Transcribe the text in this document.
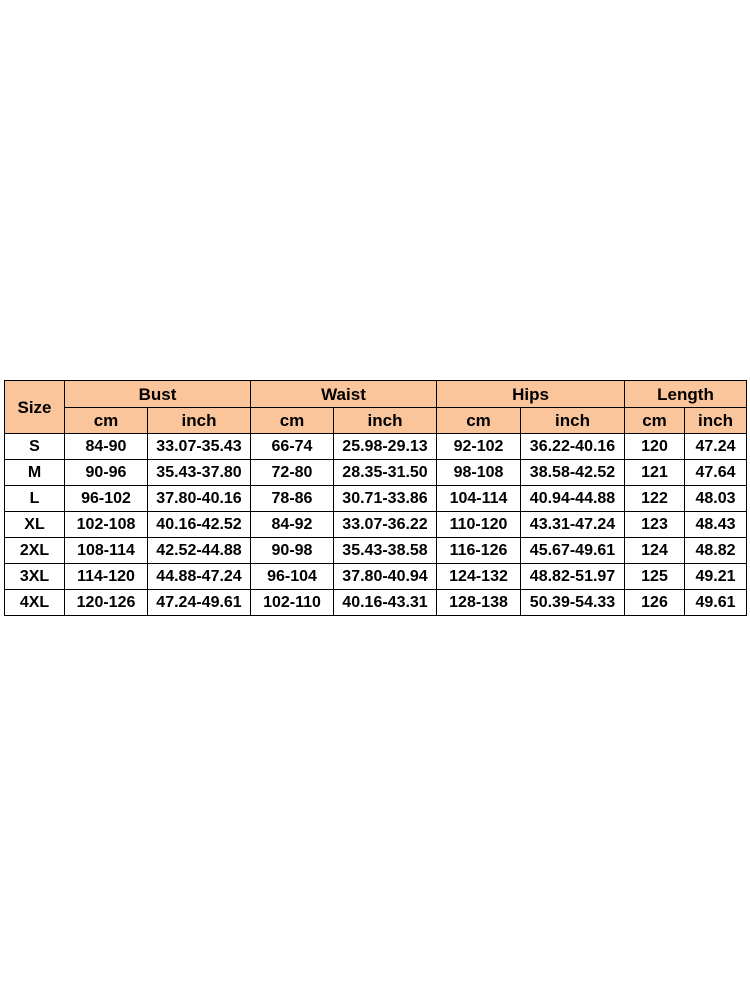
Size	Bust		Waist		Hips		Length	
	cm	inch	cm	inch	cm	inch	cm	inch
S	84-90	33.07-35.43	66-74	25.98-29.13	92-102	36.22-40.16	120	47.24
M	90-96	35.43-37.80	72-80	28.35-31.50	98-108	38.58-42.52	121	47.64
L	96-102	37.80-40.16	78-86	30.71-33.86	104-114	40.94-44.88	122	48.03
XL	102-108	40.16-42.52	84-92	33.07-36.22	110-120	43.31-47.24	123	48.43
2XL	108-114	42.52-44.88	90-98	35.43-38.58	116-126	45.67-49.61	124	48.82
3XL	114-120	44.88-47.24	96-104	37.80-40.94	124-132	48.82-51.97	125	49.21
4XL	120-126	47.24-49.61	102-110	40.16-43.31	128-138	50.39-54.33	126	49.61
